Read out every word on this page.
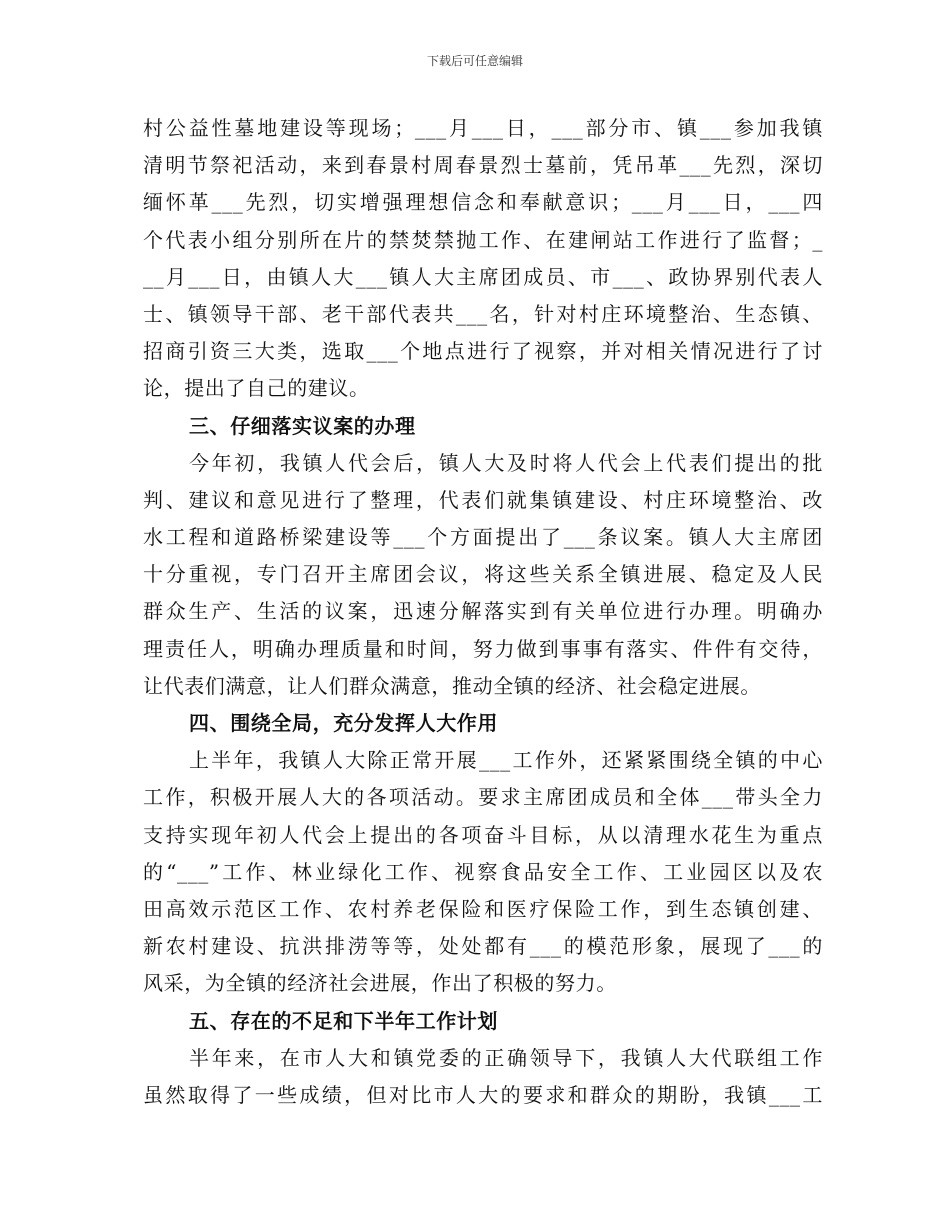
下载后可任意编辑
村公益性墓地建设等现场；___月___日，___部分市、镇___参加我镇
清明节祭祀活动，来到春景村周春景烈士墓前，凭吊革___先烈，深切
缅怀革___先烈，切实增强理想信念和奉献意识；___月___日，___四
个代表小组分别所在片的禁焚禁抛工作、在建闸站工作进行了监督；_
__月___日，由镇人大___镇人大主席团成员、市___、政协界别代表人
士、镇领导干部、老干部代表共___名，针对村庄环境整治、生态镇、
招商引资三大类，选取___个地点进行了视察，并对相关情况进行了讨
论，提出了自己的建议。
三、仔细落实议案的办理
今年初，我镇人代会后，镇人大及时将人代会上代表们提出的批
判、建议和意见进行了整理，代表们就集镇建设、村庄环境整治、改
水工程和道路桥梁建设等___个方面提出了___条议案。镇人大主席团
十分重视，专门召开主席团会议，将这些关系全镇进展、稳定及人民
群众生产、生活的议案，迅速分解落实到有关单位进行办理。明确办
理责任人，明确办理质量和时间，努力做到事事有落实、件件有交待，
让代表们满意，让人们群众满意，推动全镇的经济、社会稳定进展。
四、围绕全局，充分发挥人大作用
上半年，我镇人大除正常开展___工作外，还紧紧围绕全镇的中心
工作，积极开展人大的各项活动。要求主席团成员和全体___带头全力
支持实现年初人代会上提出的各项奋斗目标，从以清理水花生为重点
的“___”工作、林业绿化工作、视察食品安全工作、工业园区以及农
田高效示范区工作、农村养老保险和医疗保险工作，到生态镇创建、
新农村建设、抗洪排涝等等，处处都有___的模范形象，展现了___的
风采，为全镇的经济社会进展，作出了积极的努力。
五、存在的不足和下半年工作计划
半年来，在市人大和镇党委的正确领导下，我镇人大代联组工作
虽然取得了一些成绩，但对比市人大的要求和群众的期盼，我镇___工
